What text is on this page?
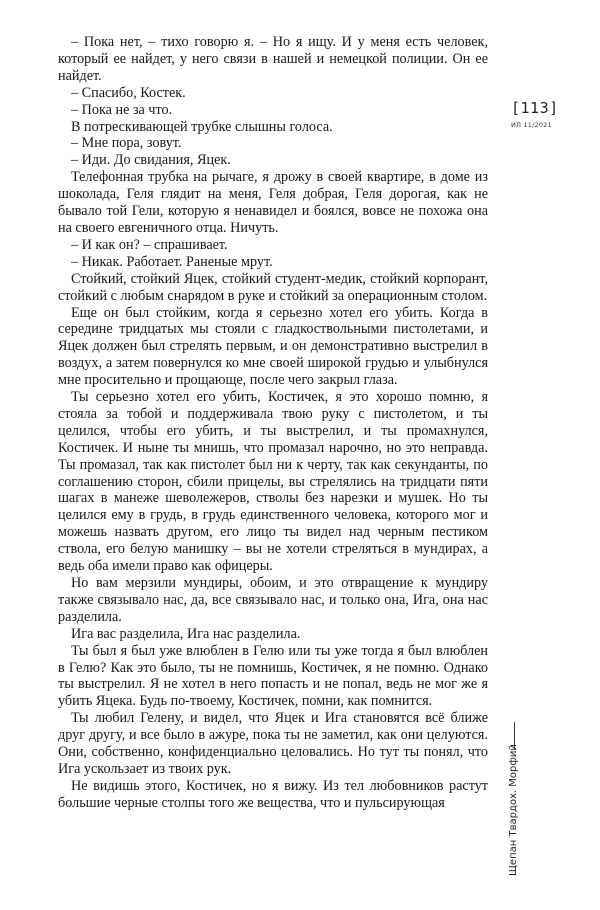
– Пока нет, – тихо говорю я. – Но я ищу. И у меня есть человек, который ее найдет, у него связи в нашей и немецкой полиции. Он ее найдет.

– Спасибо, Костек.

– Пока не за что.

В потрескивающей трубке слышны голоса.

– Мне пора, зовут.

– Иди. До свидания, Яцек.

Телефонная трубка на рычаге, я дрожу в своей квартире, в доме из шоколада, Геля глядит на меня, Геля добрая, Геля дорогая, как не бывало той Гели, которую я ненавидел и боялся, вовсе не похожа она на своего евгеничного отца. Ничуть.

– И как он? – спрашивает.

– Никак. Работает. Раненые мрут.

Стойкий, стойкий Яцек, стойкий студент-медик, стойкий корпорант, стойкий с любым снарядом в руке и стойкий за операционным столом.

Еще он был стойким, когда я серьезно хотел его убить. Когда в середине тридцатых мы стояли с гладкоствольными пистолетами, и Яцек должен был стрелять первым, и он демонстративно выстрелил в воздух, а затем повернулся ко мне своей широкой грудью и улыбнулся мне просительно и прощающе, после чего закрыл глаза.

Ты серьезно хотел его убить, Костичек, я это хорошо помню, я стояла за тобой и поддерживала твою руку с пистолетом, и ты целился, чтобы его убить, и ты выстрелил, и ты промахнулся, Костичек. И ныне ты мнишь, что промазал нарочно, но это неправда. Ты промазал, так как пистолет был ни к черту, так как секунданты, по соглашению сторон, сбили прицелы, вы стрелялись на тридцати пяти шагах в манеже шеволежеров, стволы без нарезки и мушек. Но ты целился ему в грудь, в грудь единственного человека, которого мог и можешь назвать другом, его лицо ты видел над черным пестиком ствола, его белую манишку – вы не хотели стреляться в мундирах, а ведь оба имели право как офицеры.

Но вам мерзили мундиры, обоим, и это отвращение к мундиру также связывало нас, да, все связывало нас, и только она, Ига, она нас разделила.

Ига вас разделила, Ига нас разделила.

Ты был я был уже влюблен в Гелю или ты уже тогда я был влюблен в Гелю? Как это было, ты не помнишь, Костичек, я не помню. Однако ты выстрелил. Я не хотел в него попасть и не попал, ведь не мог же я убить Яцека. Будь по-твоему, Костичек, помни, как помнится.

Ты любил Гелену, и видел, что Яцек и Ига становятся всё ближе друг другу, и все было в ажуре, пока ты не заметил, как они целуются. Они, собственно, конфиденциально целовались. Но тут ты понял, что Ига ускользает из твоих рук.

Не видишь этого, Костичек, но я вижу. Из тел любовников растут большие черные столпы того же вещества, что и пульсирующая

[113]
ИЛ 11/2021
Щепан Твардох. Морфий
